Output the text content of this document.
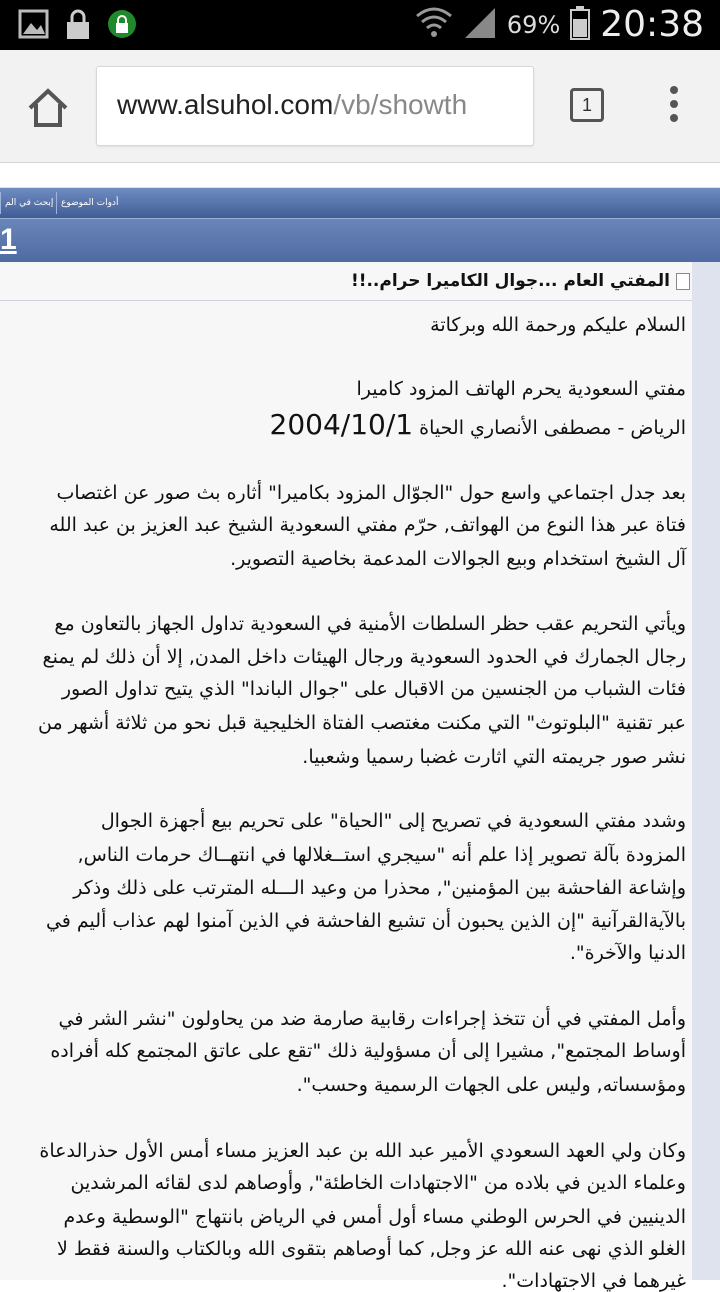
69% 20:38
www.alsuhol.com/vb/showth	1
إبحث في الم أدوات الموضوع
1
المفتي العام ...جوال الكاميرا حرام..!!
السلام عليكم ورحمة الله وبركاتة
مفتي السعودية يحرم الهاتف المزود كاميرا
الرياض - مصطفى الأنصاري الحياة 2004/10/1
بعد جدل اجتماعي واسع حول "الجوّال المزود بكاميرا" أثاره بث صور عن اغتصاب
فتاة عبر هذا النوع من الهواتف, حرّم مفتي السعودية الشيخ عبد العزيز بن عبد الله
آل الشيخ استخدام وبيع الجوالات المدعمة بخاصية التصوير.
ويأتي التحريم عقب حظر السلطات الأمنية في السعودية تداول الجهاز بالتعاون مع
رجال الجمارك في الحدود السعودية ورجال الهيئات داخل المدن, إلا أن ذلك لم يمنع
فئات الشباب من الجنسين من الاقبال على "جوال الباندا" الذي يتيح تداول الصور
عبر تقنية "البلوتوث" التي مكنت مغتصب الفتاة الخليجية قبل نحو من ثلاثة أشهر من
نشر صور جريمته التي اثارت غضبا رسميا وشعبيا.
وشدد مفتي السعودية في تصريح إلى "الحياة" على تحريم بيع أجهزة الجوال
المزودة بآلة تصوير إذا علم أنه "سيجري استــغلالها في انتهــاك حرمات الناس,
وإشاعة الفاحشة بين المؤمنين", محذرا من وعيد الـــله المترتب على ذلك وذكر
بالآيةالقرآنية "إن الذين يحبون أن تشيع الفاحشة في الذين آمنوا لهم عذاب أليم في
الدنيا والآخرة".
وأمل المفتي في أن تتخذ إجراءات رقابية صارمة ضد من يحاولون "نشر الشر في
أوساط المجتمع", مشيرا إلى أن مسؤولية ذلك "تقع على عاتق المجتمع كله أفراده
ومؤسساته, وليس على الجهات الرسمية وحسب".
وكان ولي العهد السعودي الأمير عبد الله بن عبد العزيز مساء أمس الأول حذرالدعاة
وعلماء الدين في بلاده من "الاجتهادات الخاطئة", وأوصاهم لدى لقائه المرشدين
الدينيين في الحرس الوطني مساء أول أمس في الرياض بانتهاج "الوسطية وعدم
الغلو الذي نهى عنه الله عز وجل, كما أوصاهم بتقوى الله وبالكتاب والسنة فقط لا
غيرهما في الاجتهادات".
